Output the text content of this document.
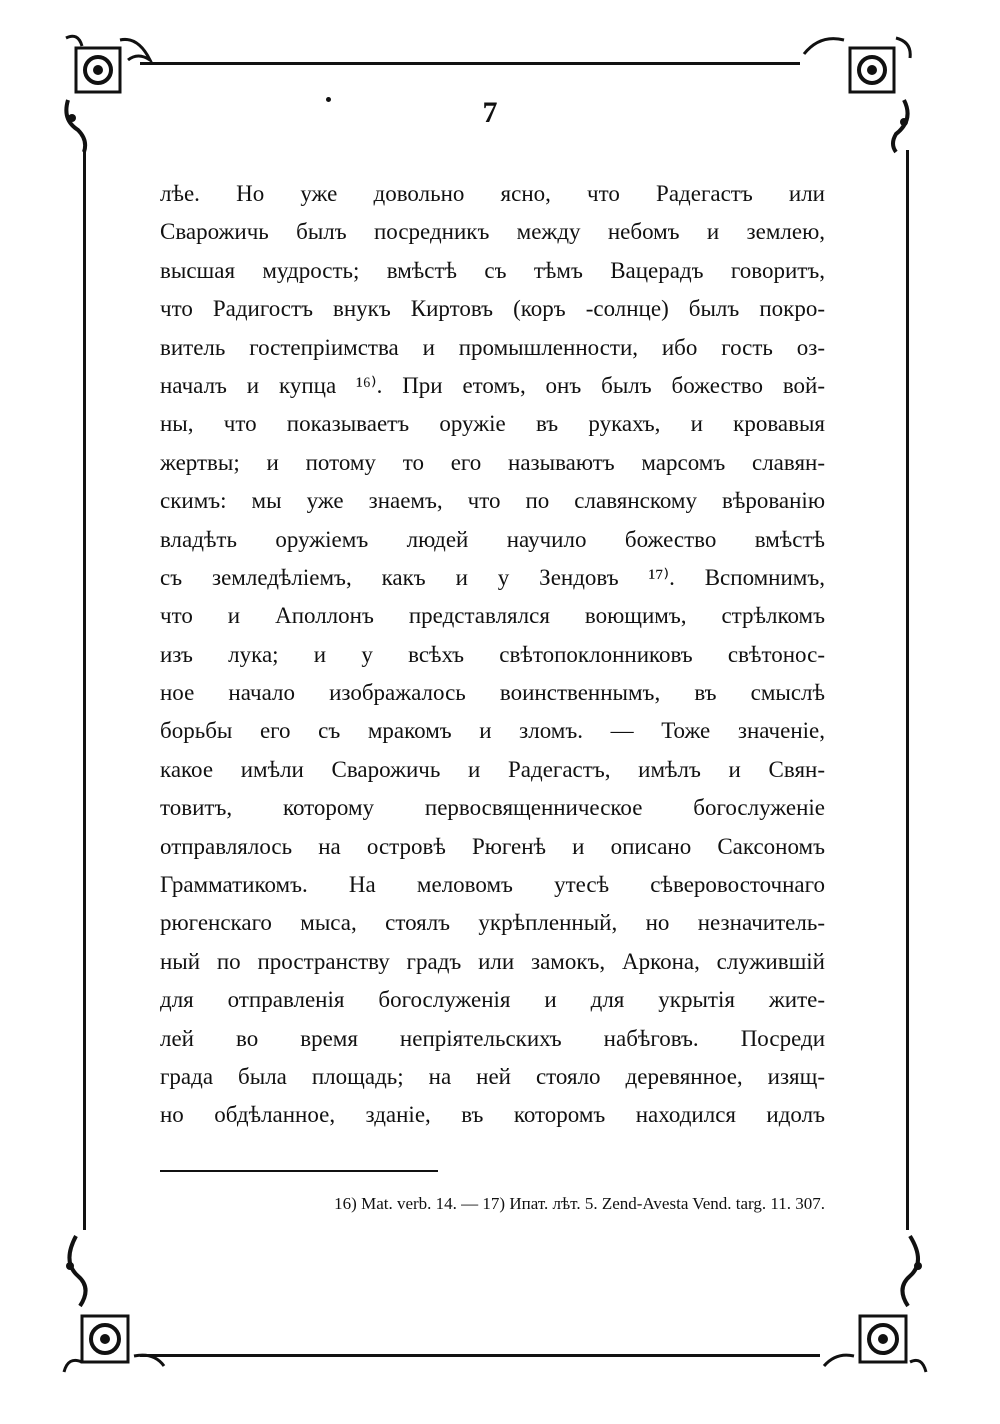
7
лѣе. Но уже довольно ясно, что Радегастъ или
Сварожичь былъ посредникъ между небомъ и землею,
высшая мудрость; вмѣстѣ съ тѣмъ Вацерадъ говоритъ,
что Радигостъ внукъ Киртовъ (коръ -солнце) былъ покро-
витель гостепріимства и промышленности, ибо гость оз-
началъ и купца ¹⁶⁾. При етомъ, онъ былъ божество вой-
ны, что показываетъ оружіе въ рукахъ, и кровавыя
жертвы; и потому то его называютъ марсомъ славян-
скимъ: мы уже знаемъ, что по славянскому вѣрованію
владѣть оружіемъ людей научило божество вмѣстѣ
съ земледѣліемъ, какъ и у Зендовъ ¹⁷⁾. Вспомнимъ,
что и Аполлонъ представлялся воющимъ, стрѣлкомъ
изъ лука; и у всѣхъ свѣтопоклонниковъ свѣтонос-
ное начало изображалось воинственнымъ, въ смыслѣ
борьбы его съ мракомъ и зломъ. — Тоже значеніе,
какое имѣли Сварожичь и Радегастъ, имѣлъ и Свян-
товитъ, которому первосвященническое богослуженіе
отправлялось на островѣ Рюгенѣ и описано Саксономъ
Грамматикомъ. На меловомъ утесѣ сѣверовосточнаго
рюгенскаго мыса, стоялъ укрѣпленный, но незначитель-
ный по пространству градъ или замокъ, Аркона, служившій
для отправленія богослуженія и для укрытія жите-
лей во время непріятельскихъ набѣговъ. Посреди
града была площадь; на ней стояло деревянное, изящ-
но обдѣланное, зданіе, въ которомъ находился идолъ
16) Mat. verb. 14. — 17) Ипат. лѣт. 5. Zend-Avesta Vend. targ. 11. 307.
